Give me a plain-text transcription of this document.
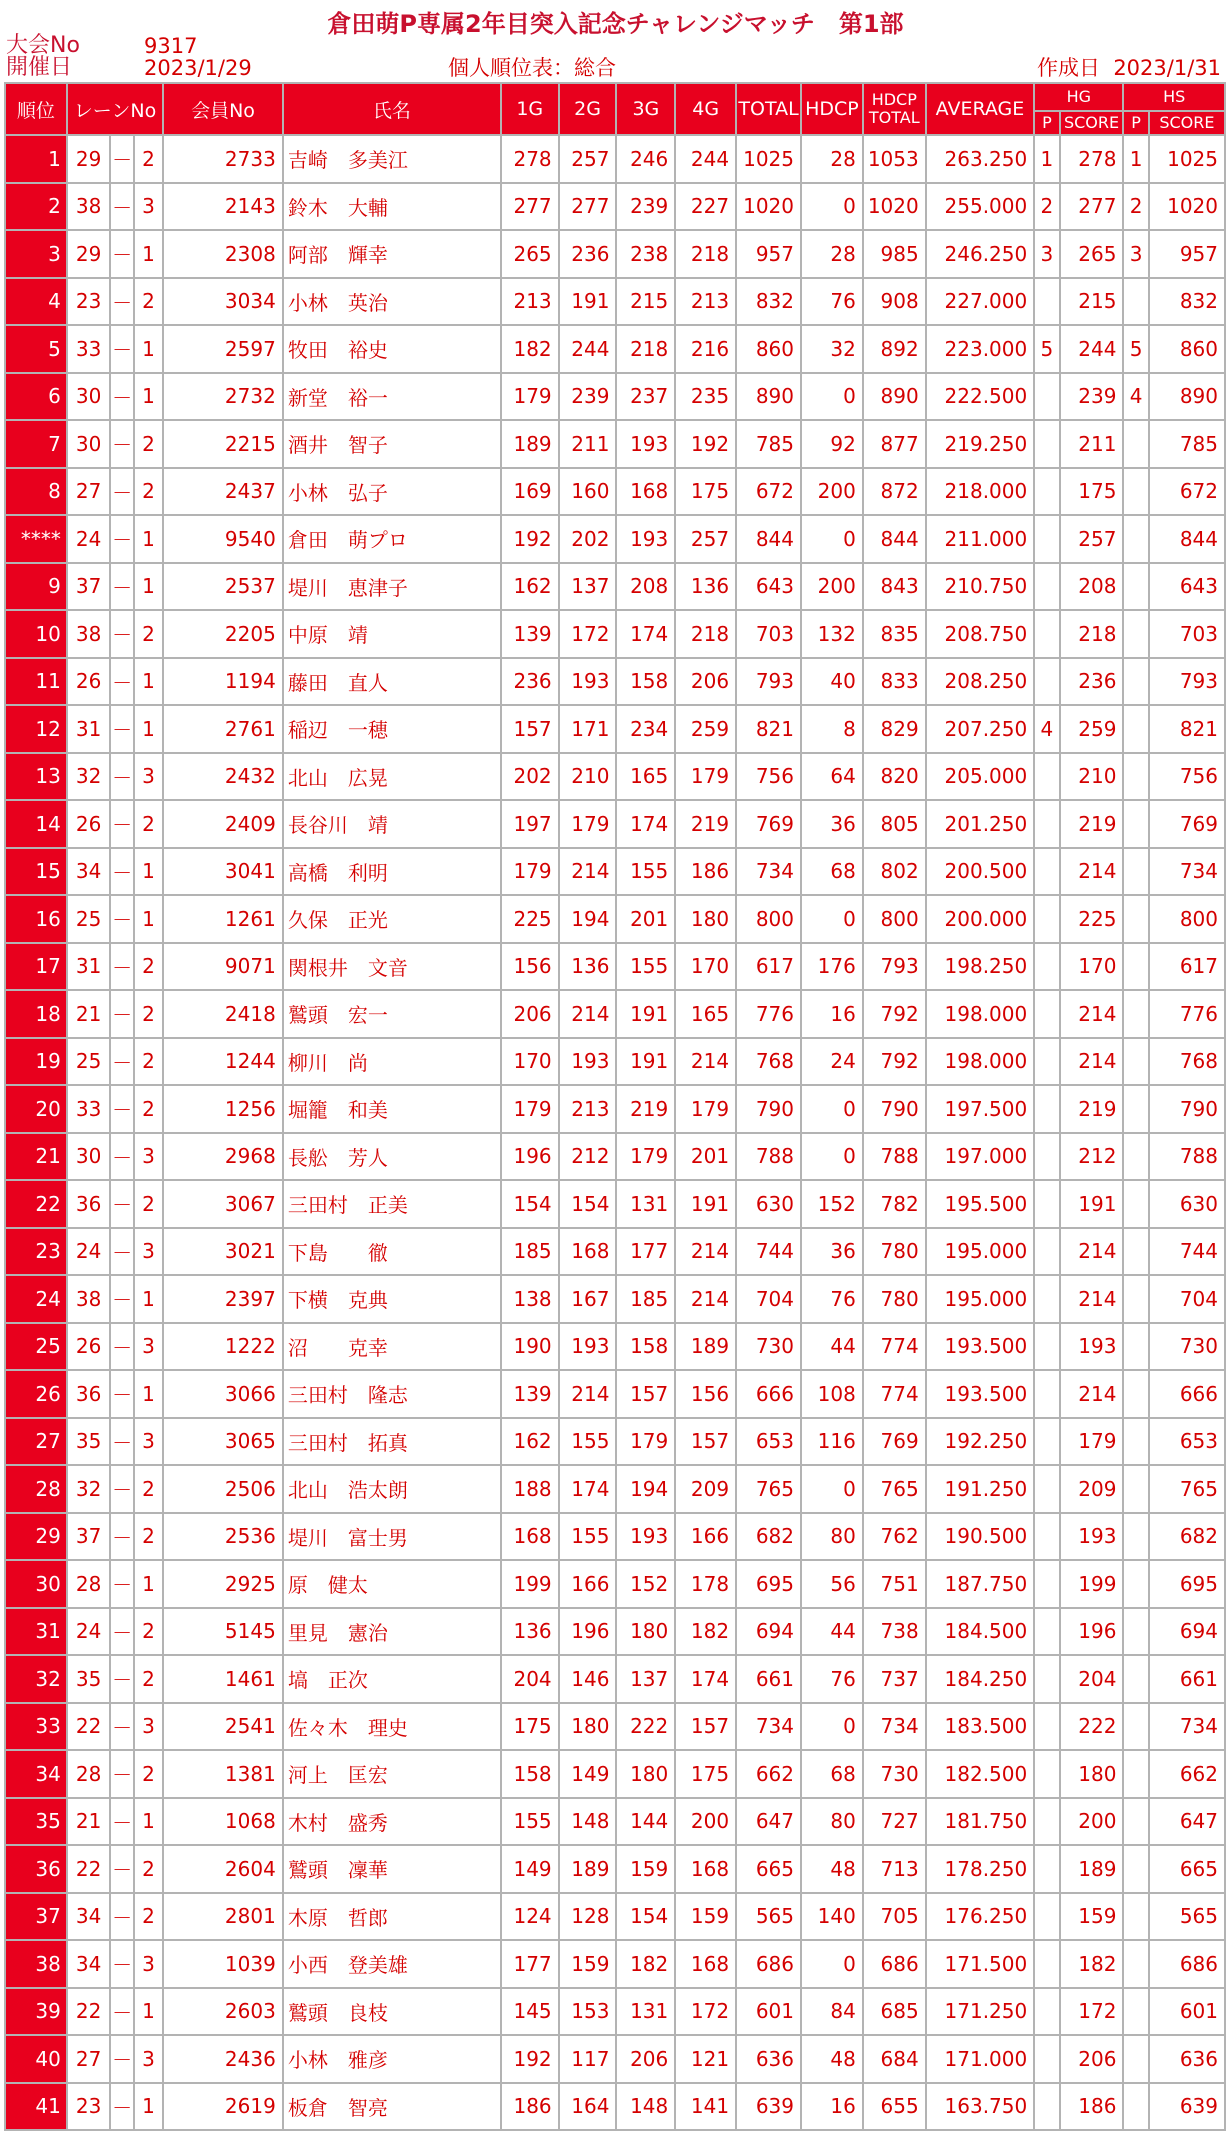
倉田萌P専属2年目突入記念チャレンジマッチ　第1部
大会No	9317
開催日	2023/1/29	個人順位表：総合	作成日 2023/1/31
順位	レーンNo			会員No	氏名	1G	2G	3G	4G	TOTAL	HDCP	HDCP
TOTAL	AVERAGE	HG		HS	
														P	SCORE	P	SCORE
1	29	－	2	2733	吉崎　多美江	278	257	246	244	1025	28	1053	263.250	1	278	1	1025
2	38	－	3	2143	鈴木　大輔	277	277	239	227	1020	0	1020	255.000	2	277	2	1020
3	29	－	1	2308	阿部　輝幸	265	236	238	218	957	28	985	246.250	3	265	3	957
4	23	－	2	3034	小林　英治	213	191	215	213	832	76	908	227.000		215		832
5	33	－	1	2597	牧田　裕史	182	244	218	216	860	32	892	223.000	5	244	5	860
6	30	－	1	2732	新堂　裕一	179	239	237	235	890	0	890	222.500		239	4	890
7	30	－	2	2215	酒井　智子	189	211	193	192	785	92	877	219.250		211		785
8	27	－	2	2437	小林　弘子	169	160	168	175	672	200	872	218.000		175		672
****	24	－	1	9540	倉田　萌プロ	192	202	193	257	844	0	844	211.000		257		844
9	37	－	1	2537	堤川　恵津子	162	137	208	136	643	200	843	210.750		208		643
10	38	－	2	2205	中原　靖	139	172	174	218	703	132	835	208.750		218		703
11	26	－	1	1194	藤田　直人	236	193	158	206	793	40	833	208.250		236		793
12	31	－	1	2761	稲辺　一穂	157	171	234	259	821	8	829	207.250	4	259		821
13	32	－	3	2432	北山　広晃	202	210	165	179	756	64	820	205.000		210		756
14	26	－	2	2409	長谷川　靖	197	179	174	219	769	36	805	201.250		219		769
15	34	－	1	3041	高橋　利明	179	214	155	186	734	68	802	200.500		214		734
16	25	－	1	1261	久保　正光	225	194	201	180	800	0	800	200.000		225		800
17	31	－	2	9071	関根井　文音	156	136	155	170	617	176	793	198.250		170		617
18	21	－	2	2418	鷲頭　宏一	206	214	191	165	776	16	792	198.000		214		776
19	25	－	2	1244	柳川　尚	170	193	191	214	768	24	792	198.000		214		768
20	33	－	2	1256	堀籠　和美	179	213	219	179	790	0	790	197.500		219		790
21	30	－	3	2968	長舩　芳人	196	212	179	201	788	0	788	197.000		212		788
22	36	－	2	3067	三田村　正美	154	154	131	191	630	152	782	195.500		191		630
23	24	－	3	3021	下島　　徹	185	168	177	214	744	36	780	195.000		214		744
24	38	－	1	2397	下横　克典	138	167	185	214	704	76	780	195.000		214		704
25	26	－	3	1222	沼　　克幸	190	193	158	189	730	44	774	193.500		193		730
26	36	－	1	3066	三田村　隆志	139	214	157	156	666	108	774	193.500		214		666
27	35	－	3	3065	三田村　拓真	162	155	179	157	653	116	769	192.250		179		653
28	32	－	2	2506	北山　浩太朗	188	174	194	209	765	0	765	191.250		209		765
29	37	－	2	2536	堤川　富士男	168	155	193	166	682	80	762	190.500		193		682
30	28	－	1	2925	原　健太	199	166	152	178	695	56	751	187.750		199		695
31	24	－	2	5145	里見　憲治	136	196	180	182	694	44	738	184.500		196		694
32	35	－	2	1461	塙　正次	204	146	137	174	661	76	737	184.250		204		661
33	22	－	3	2541	佐々木　理史	175	180	222	157	734	0	734	183.500		222		734
34	28	－	2	1381	河上　匡宏	158	149	180	175	662	68	730	182.500		180		662
35	21	－	1	1068	木村　盛秀	155	148	144	200	647	80	727	181.750		200		647
36	22	－	2	2604	鷲頭　凜華	149	189	159	168	665	48	713	178.250		189		665
37	34	－	2	2801	木原　哲郎	124	128	154	159	565	140	705	176.250		159		565
38	34	－	3	1039	小西　登美雄	177	159	182	168	686	0	686	171.500		182		686
39	22	－	1	2603	鷲頭　良枝	145	153	131	172	601	84	685	171.250		172		601
40	27	－	3	2436	小林　雅彦	192	117	206	121	636	48	684	171.000		206		636
41	23	－	1	2619	板倉　智亮	186	164	148	141	639	16	655	163.750		186		639
